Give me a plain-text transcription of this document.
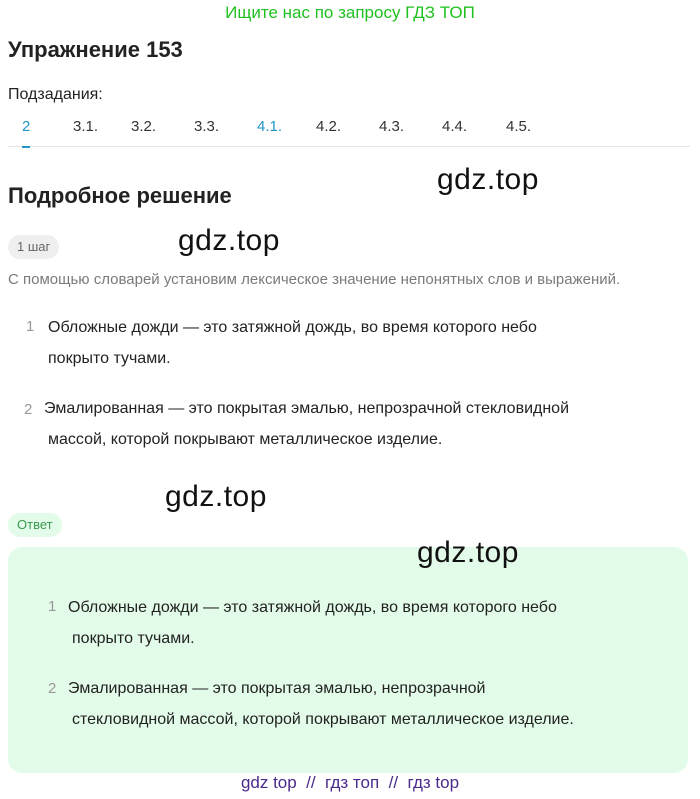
Ищите нас по запросу ГДЗ ТОП
Упражнение 153
Подзадания:
2	3.1. 3.2.	3.3.	4.1. 4.2.	4.3.	4.4.	4.5.
Подробное решение
1 шаг
С помощью словарей установим лексическое значение непонятных слов и выражений.
1 Обложные дожди — это затяжной дождь, во время которого небо
покрыто тучами.
2 Эмалированная — это покрытая эмалью, непрозрачной стекловидной
массой, которой покрывают металлическое изделие.
Ответ
1 Обложные дожди — это затяжной дождь, во время которого небо
покрыто тучами.
2 Эмалированная — это покрытая эмалью, непрозрачной
стекловидной массой, которой покрывают металлическое изделие.
gdz.top
gdz.top
gdz.top
gdz.top
gdz top  //  гдз топ  //  гдз top
